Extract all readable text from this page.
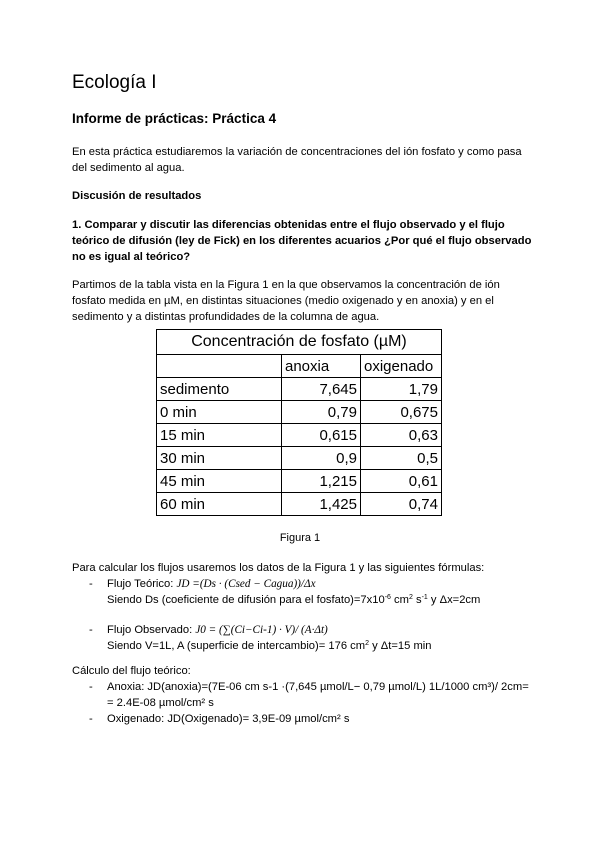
Ecología I
Informe de prácticas: Práctica 4
En esta práctica estudiaremos la variación de concentraciones del ión fosfato y como pasa del sedimento al agua.
Discusión de resultados
1. Comparar y discutir las diferencias obtenidas entre el flujo observado y el flujo teórico de difusión (ley de Fick) en los diferentes acuarios ¿Por qué el flujo observado no es igual al teórico?
Partimos de la tabla vista en la Figura 1 en la que observamos la concentración de ión fosfato medida en µM, en distintas situaciones (medio oxigenado y en anoxia) y en el sedimento y a distintas profundidades de la columna de agua.
Concentración de fosfato (µM)		
	anoxia	oxigenado
sedimento	7,645	1,79
0 min	0,79	0,675
15 min	0,615	0,63
30 min	0,9	0,5
45 min	1,215	0,61
60 min	1,425	0,74
Figura 1
Para calcular los flujos usaremos los datos de la Figura 1 y las siguientes fórmulas:
- Flujo Teórico: JD =(Ds · (Csed − Cagua))/Δx
Siendo Ds (coeficiente de difusión para el $fosfato)=7x10^{-6}$ $cm^2$ $s^{-1}$ y Δx=2cm
- Flujo Observado: J0 = (∑(Ci−Ci-1) · V)/ (A·Δt)
Siendo V=1L, A (superficie de intercambio)= 176 $cm^2$ y Δt=15 min
Cálculo del flujo teórico:
- Anoxia: JD(anoxia)=(7E-06 cm s-1 ·(7,645 µmol/L− 0,79 µmol/L) 1L/1000 cm³)/ 2cm=
= 2.4E-08 µmol/cm² s
- Oxigenado: JD(Oxigenado)= 3,9E-09 µmol/cm² s
